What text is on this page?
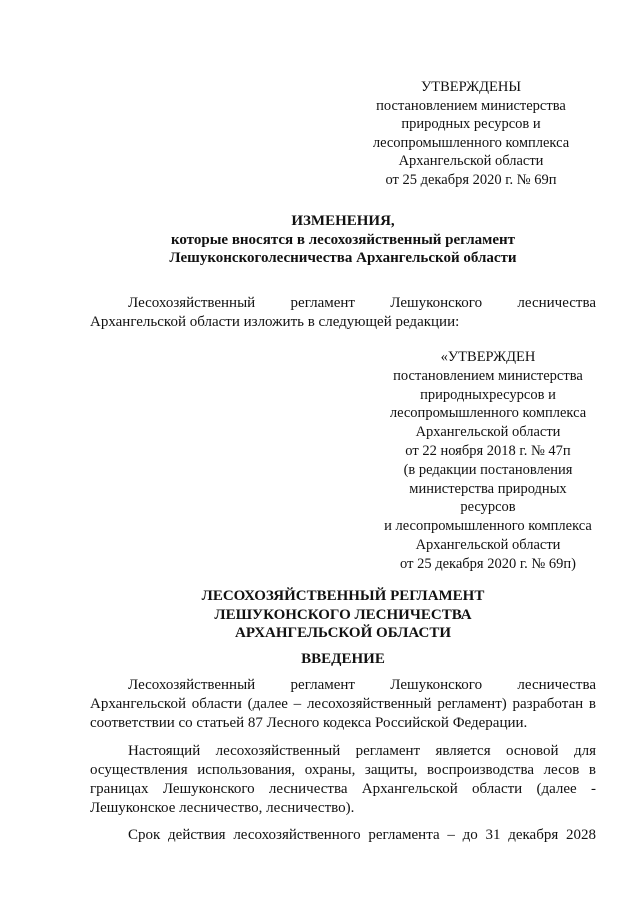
УТВЕРЖДЕНЫ
постановлением министерства
природных ресурсов и
лесопромышленного комплекса
Архангельской области
от 25 декабря 2020 г. № 69п
ИЗМЕНЕНИЯ,
которые вносятся в лесохозяйственный регламент
Лешуконскоголесничества Архангельской области
Лесохозяйственный регламент Лешуконского лесничества Архангельской области изложить в следующей редакции:
«УТВЕРЖДЕН
постановлением министерства
природныхресурсов и
лесопромышленного комплекса
Архангельской области
от 22 ноября 2018 г. № 47п
(в редакции постановления
министерства природных
ресурсов
и лесопромышленного комплекса
Архангельской области
от 25 декабря 2020 г. № 69п)
ЛЕСОХОЗЯЙСТВЕННЫЙ РЕГЛАМЕНТ
ЛЕШУКОНСКОГО ЛЕСНИЧЕСТВА
АРХАНГЕЛЬСКОЙ ОБЛАСТИ
ВВЕДЕНИЕ
Лесохозяйственный регламент Лешуконского лесничества Архангельской области (далее – лесохозяйственный регламент) разработан в соответствии со статьей 87 Лесного кодекса Российской Федерации.
Настоящий лесохозяйственный регламент является основой для осуществления использования, охраны, защиты, воспроизводства лесов в границах Лешуконского лесничества Архангельской области (далее - Лешуконское лесничество, лесничество).
Срок действия лесохозяйственного регламента – до 31 декабря 2028
